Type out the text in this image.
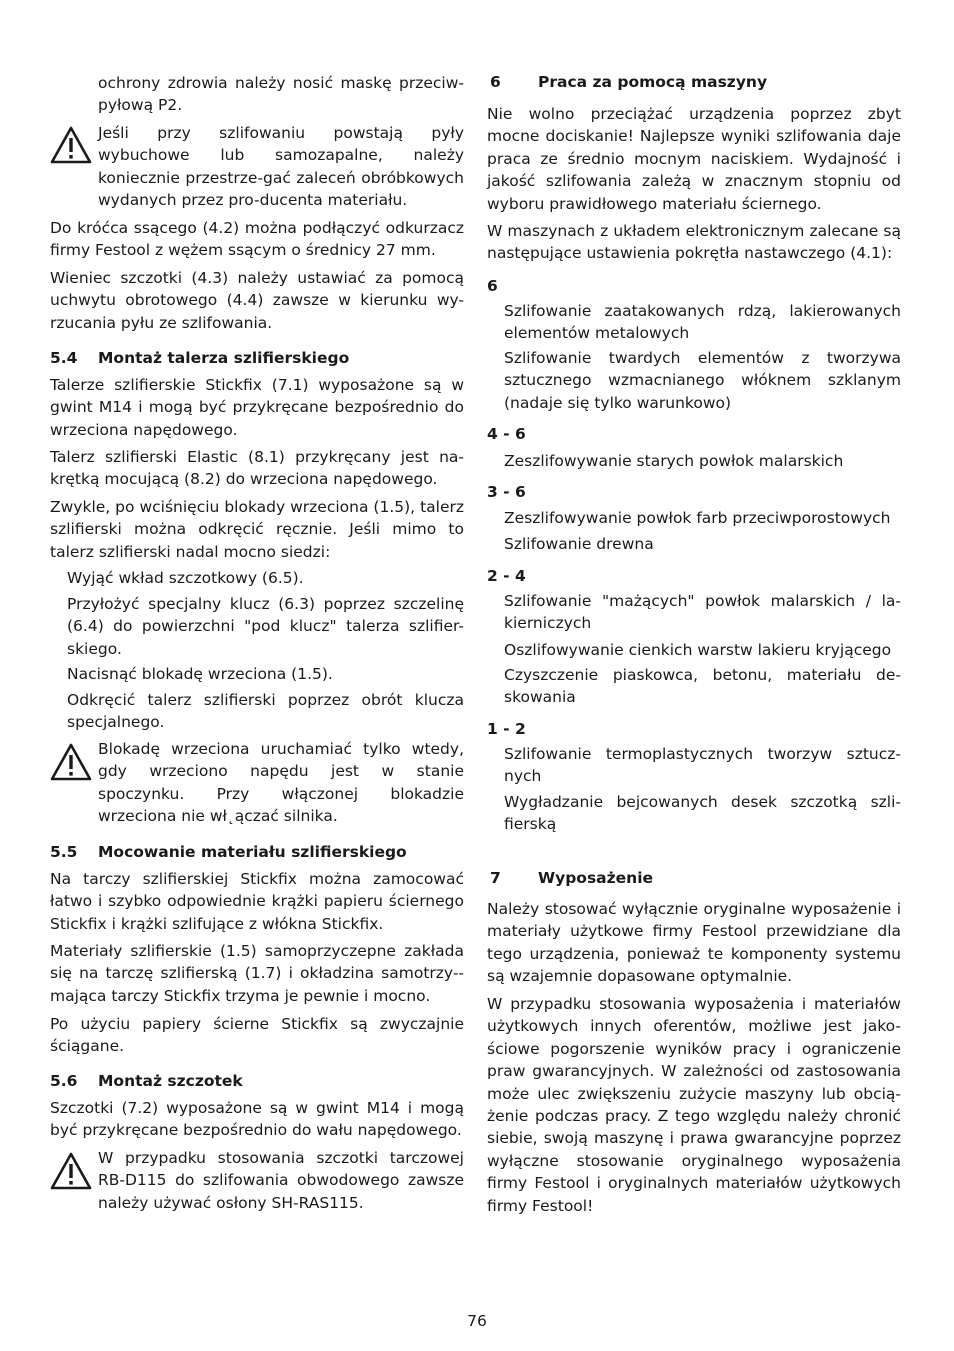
ochrony zdrowia należy nosić maskę przeciw-pyłową P2.

Jeśli przy szlifowaniu powstają pyły wybuchowe lub samozapalne, należy koniecznie przestrze-gać zaleceń obróbkowych wydanych przez pro-ducenta materiału.

Do króćca ssącego (4.2) można podłączyć odkurzacz firmy Festool z wężem ssącym o średnicy 27 mm.

Wieniec szczotki (4.3) należy ustawiać za pomocą uchwytu obrotowego (4.4) zawsze w kierunku wy-rzucania pyłu ze szlifowania.

5.4 Montaż talerza szlifierskiego

Talerze szlifierskie Stickfix (7.1) wyposażone są w gwint M14 i mogą być przykręcane bezpośrednio do wrzeciona napędowego.

Talerz szlifierski Elastic (8.1) przykręcany jest na-krętką mocującą (8.2) do wrzeciona napędowego.

Zwykle, po wciśnięciu blokady wrzeciona (1.5), talerz szlifierski można odkręcić ręcznie. Jeśli mimo to talerz szlifierski nadal mocno siedzi:

Wyjąć wkład szczotkowy (6.5).

Przyłożyć specjalny klucz (6.3) poprzez szczelinę (6.4) do powierzchni "pod klucz" talerza szlifier-skiego.

Nacisnąć blokadę wrzeciona (1.5).

Odkręcić talerz szlifierski poprzez obrót klucza specjalnego.

Blokadę wrzeciona uruchamiać tylko wtedy, gdy wrzeciono napędu jest w stanie spoczynku. Przy włączonej blokadzie wrzeciona nie wł˛ączać silnika.

5.5 Mocowanie materiału szlifierskiego

Na tarczy szlifierskiej Stickfix można zamocować łatwo i szybko odpowiednie krążki papieru ściernego Stickfix i krążki szlifujące z włókna Stickfix.

Materiały szlifierskie (1.5) samoprzyczepne zakłada się na tarczę szlifierską (1.7) i okładzina samotrzy--mająca tarczy Stickfix trzyma je pewnie i mocno.

Po użyciu papiery ścierne Stickfix są zwyczajnie ściągane.

5.6 Montaż szczotek

Szczotki (7.2) wyposażone są w gwint M14 i mogą być przykręcane bezpośrednio do wału napędowego.

W przypadku stosowania szczotki tarczowej RB-D115 do szlifowania obwodowego zawsze należy używać osłony SH-RAS115.

6 Praca za pomocą maszyny

Nie wolno przeciążać urządzenia poprzez zbyt mocne dociskanie! Najlepsze wyniki szlifowania daje praca ze średnio mocnym naciskiem. Wydajność i jakość szlifowania zależą w znacznym stopniu od wyboru prawidłowego materiału ściernego.

W maszynach z układem elektronicznym zalecane są następujące ustawienia pokrętła nastawczego (4.1):

6
Szlifowanie zaatakowanych rdzą, lakierowanych elementów metalowych
Szlifowanie twardych elementów z tworzywa sztucznego wzmacnianego włóknem szklanym (nadaje się tylko warunkowo)
4 - 6
Zeszlifowywanie starych powłok malarskich
3 - 6
Zeszlifowywanie powłok farb przeciwporostowych
Szlifowanie drewna
2 - 4
Szlifowanie "mażących" powłok malarskich / la-kierniczych
Oszlifowywanie cienkich warstw lakieru kryjącego
Czyszczenie piaskowca, betonu, materiału de-skowania
1 - 2
Szlifowanie termoplastycznych tworzyw sztucz-nych
Wygładzanie bejcowanych desek szczotką szli-fierską
7 Wyposażenie

Należy stosować wyłącznie oryginalne wyposażenie i materiały użytkowe firmy Festool przewidziane dla tego urządzenia, ponieważ te komponenty systemu są wzajemnie dopasowane optymalnie.

W przypadku stosowania wyposażenia i materiałów użytkowych innych oferentów, możliwe jest jako-ściowe pogorszenie wyników pracy i ograniczenie praw gwarancyjnych. W zależności od zastosowania może ulec zwiększeniu zużycie maszyny lub obcią-żenie podczas pracy. Z tego względu należy chronić siebie, swoją maszynę i prawa gwarancyjne poprzez wyłączne stosowanie oryginalnego wyposażenia firmy Festool i oryginalnych materiałów użytkowych firmy Festool!

76
